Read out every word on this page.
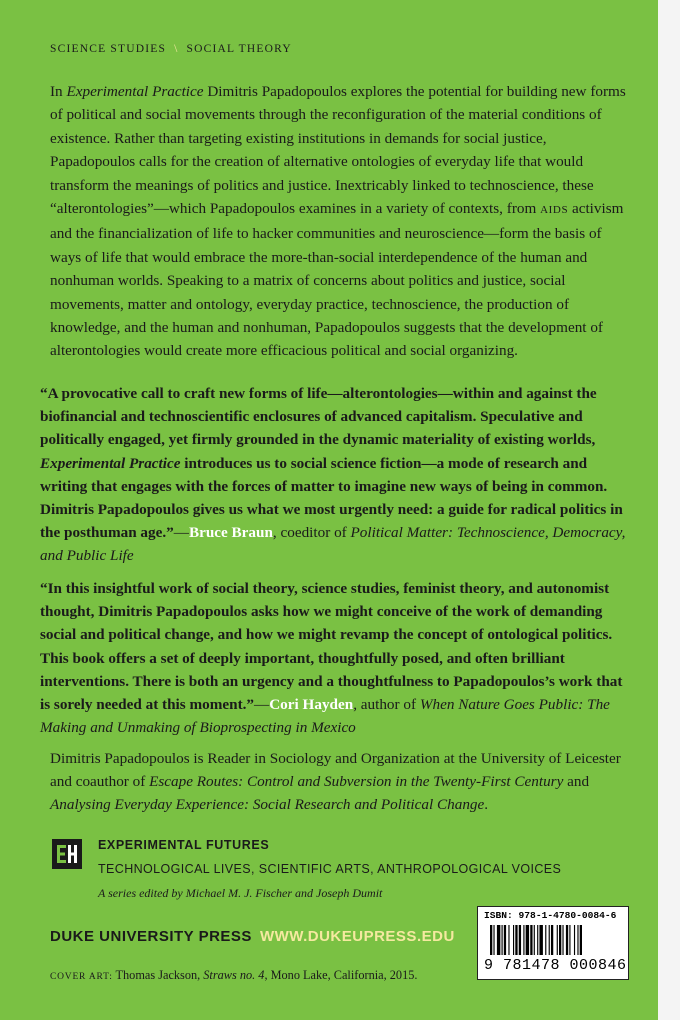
SCIENCE STUDIES \ SOCIAL THEORY

In Experimental Practice Dimitris Papadopoulos explores the potential for building new forms of political and social movements through the reconfiguration of the material conditions of existence. Rather than targeting existing institutions in demands for social justice, Papadopoulos calls for the creation of alternative ontologies of everyday life that would transform the meanings of politics and justice. Inextricably linked to technoscience, these “alterontologies”—which Papadopoulos examines in a variety of contexts, from AIDS activism and the financialization of life to hacker communities and neuroscience—form the basis of ways of life that would embrace the more-than-social interdependence of the human and nonhuman worlds. Speaking to a matrix of concerns about politics and justice, social movements, matter and ontology, everyday practice, technoscience, the production of knowledge, and the human and nonhuman, Papadopoulos suggests that the development of alterontologies would create more efficacious political and social organizing.

“A provocative call to craft new forms of life—alterontologies—within and against the biofinancial and technoscientific enclosures of advanced capitalism. Speculative and politically engaged, yet firmly grounded in the dynamic materiality of existing worlds, Experimental Practice introduces us to social science fiction—a mode of research and writing that engages with the forces of matter to imagine new ways of being in common. Dimitris Papadopoulos gives us what we most urgently need: a guide for radical politics in the posthuman age.”—Bruce Braun, coeditor of Political Matter: Technoscience, Democracy, and Public Life

“In this insightful work of social theory, science studies, feminist theory, and autonomist thought, Dimitris Papadopoulos asks how we might conceive of the work of demanding social and political change, and how we might revamp the concept of ontological politics. This book offers a set of deeply important, thoughtfully posed, and often brilliant interventions. There is both an urgency and a thoughtfulness to Papadopoulos’s work that is sorely needed at this moment.”—Cori Hayden, author of When Nature Goes Public: The Making and Unmaking of Bioprospecting in Mexico

Dimitris Papadopoulos is Reader in Sociology and Organization at the University of Leicester and coauthor of Escape Routes: Control and Subversion in the Twenty-First Century and Analysing Everyday Experience: Social Research and Political Change.

EXPERIMENTAL FUTURES
TECHNOLOGICAL LIVES, SCIENTIFIC ARTS, ANTHROPOLOGICAL VOICES
A series edited by Michael M. J. Fischer and Joseph Dumit
DUKE UNIVERSITY PRESS WWW.DUKEUPRESS.EDU
COVER ART: Thomas Jackson, Straws no. 4, Mono Lake, California, 2015.
ISBN: 978-1-4780-0084-6
9 781478 000846
